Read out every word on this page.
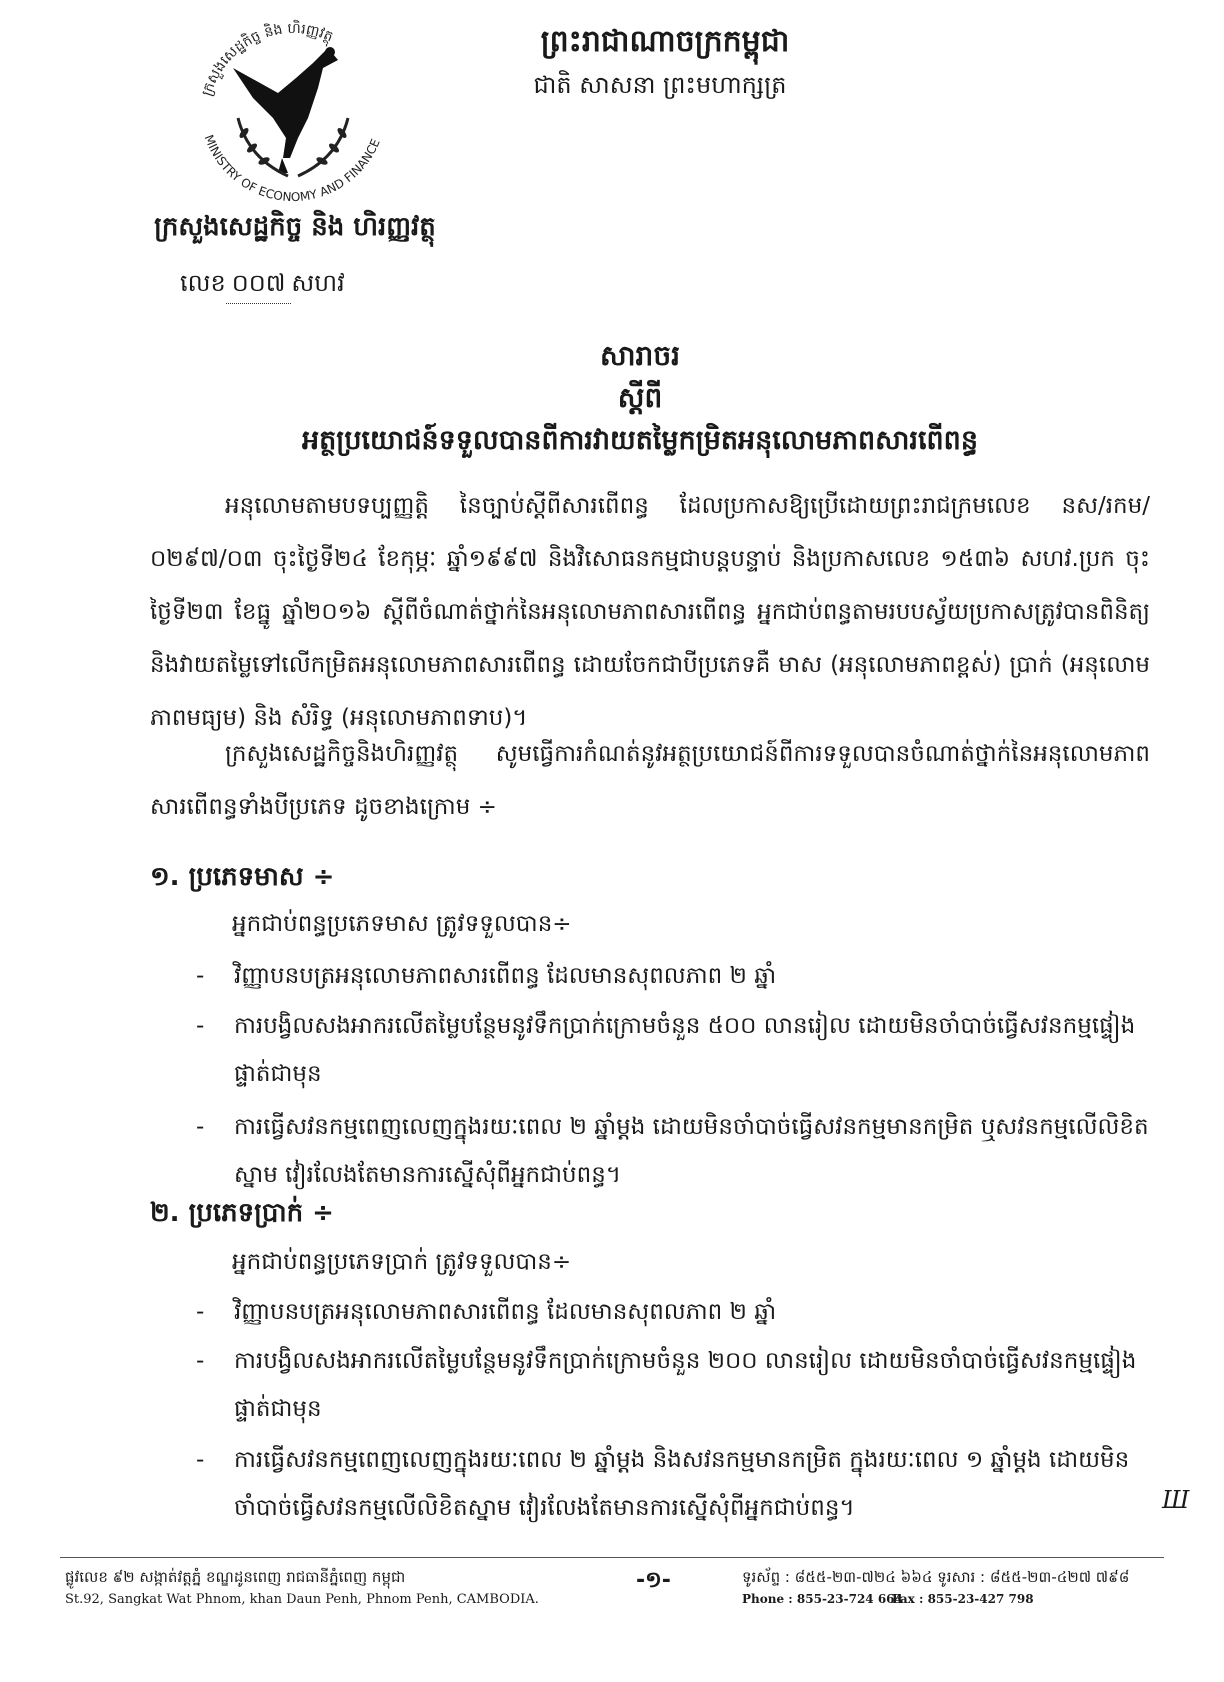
ក្រសួងសេដ្ឋកិច្ច និង ហិរញ្ញវត្ថុ
MINISTRY OF ECONOMY AND FINANCE
ក្រសួងសេដ្ឋកិច្ច និង ហិរញ្ញវត្ថុ
លេខ ០០៧ សហវ
ព្រះរាជាណាចក្រកម្ពុជា
ជាតិ សាសនា ព្រះមហាក្សត្រ
សារាចរ
ស្តីពី
អត្ថប្រយោជន៍ទទួលបានពីការវាយតម្លៃកម្រិតអនុលោមភាពសារពើពន្ធ
អនុលោមតាមបទប្បញ្ញត្តិ នៃច្បាប់ស្តីពីសារពើពន្ធ ដែលប្រកាសឱ្យប្រើដោយព្រះរាជក្រមលេខ នស/រកម/០២៩៧/០៣ ចុះថ្ងៃទី២៤ ខែកុម្ភៈ ឆ្នាំ១៩៩៧ និងវិសោធនកម្មជាបន្តបន្ទាប់ និងប្រកាសលេខ ១៥៣៦ សហវ.ប្រក ចុះថ្ងៃទី២៣ ខែធ្នូ ឆ្នាំ២០១៦ ស្តីពីចំណាត់ថ្នាក់នៃអនុលោមភាពសារពើពន្ធ អ្នកជាប់ពន្ធតាមរបបស្វ័យប្រកាសត្រូវបានពិនិត្យនិងវាយតម្លៃទៅលើកម្រិតអនុលោមភាពសារពើពន្ធ ដោយចែកជាបីប្រភេទគឺ មាស (អនុលោមភាពខ្ពស់) ប្រាក់ (អនុលោមភាពមធ្យម) និង សំរិទ្ធ (អនុលោមភាពទាប)។
ក្រសួងសេដ្ឋកិច្ចនិងហិរញ្ញវត្ថុ សូមធ្វើការកំណត់នូវអត្ថប្រយោជន៍ពីការទទួលបានចំណាត់ថ្នាក់នៃអនុលោមភាពសារពើពន្ធទាំងបីប្រភេទ ដូចខាងក្រោម ÷
១. ប្រភេទមាស ÷
អ្នកជាប់ពន្ធប្រភេទមាស ត្រូវទទួលបាន÷
- វិញ្ញាបនបត្រអនុលោមភាពសារពើពន្ធ ដែលមានសុពលភាព ២ ឆ្នាំ
- ការបង្វិលសងអាករលើតម្លៃបន្ថែមនូវទឹកប្រាក់ក្រោមចំនួន ៥០០ លានរៀល ដោយមិនចាំបាច់ធ្វើសវនកម្មផ្ទៀងផ្ទាត់ជាមុន
- ការធ្វើសវនកម្មពេញលេញក្នុងរយៈពេល ២ ឆ្នាំម្តង ដោយមិនចាំបាច់ធ្វើសវនកម្មមានកម្រិត ឬសវនកម្មលើលិខិតស្នាម វៀរលែងតែមានការស្នើសុំពីអ្នកជាប់ពន្ធ។
២. ប្រភេទប្រាក់ ÷
អ្នកជាប់ពន្ធប្រភេទប្រាក់ ត្រូវទទួលបាន÷
- វិញ្ញាបនបត្រអនុលោមភាពសារពើពន្ធ ដែលមានសុពលភាព ២ ឆ្នាំ
- ការបង្វិលសងអាករលើតម្លៃបន្ថែមនូវទឹកប្រាក់ក្រោមចំនួន ២០០ លានរៀល ដោយមិនចាំបាច់ធ្វើសវនកម្មផ្ទៀងផ្ទាត់ជាមុន
- ការធ្វើសវនកម្មពេញលេញក្នុងរយៈពេល ២ ឆ្នាំម្តង និងសវនកម្មមានកម្រិត ក្នុងរយៈពេល ១ ឆ្នាំម្តង ដោយមិនចាំបាច់ធ្វើសវនកម្មលើលិខិតស្នាម វៀរលែងតែមានការស្នើសុំពីអ្នកជាប់ពន្ធ។	Ш
ផ្លូវលេខ ៩២ សង្កាត់វត្តភ្នំ ខណ្ឌដូនពេញ រាជធានីភ្នំពេញ កម្ពុជា
St.92, Sangkat Wat Phnom, khan Daun Penh, Phnom Penh, CAMBODIA.
-១-	ទូរស័ព្ទ : ៨៥៥-២៣-៧២៤ ៦៦៤ ទូរសារ : ៨៥៥-២៣-៤២៧ ៧៩៨
Phone : 855-23-724 664
Fax : 855-23-427 798
